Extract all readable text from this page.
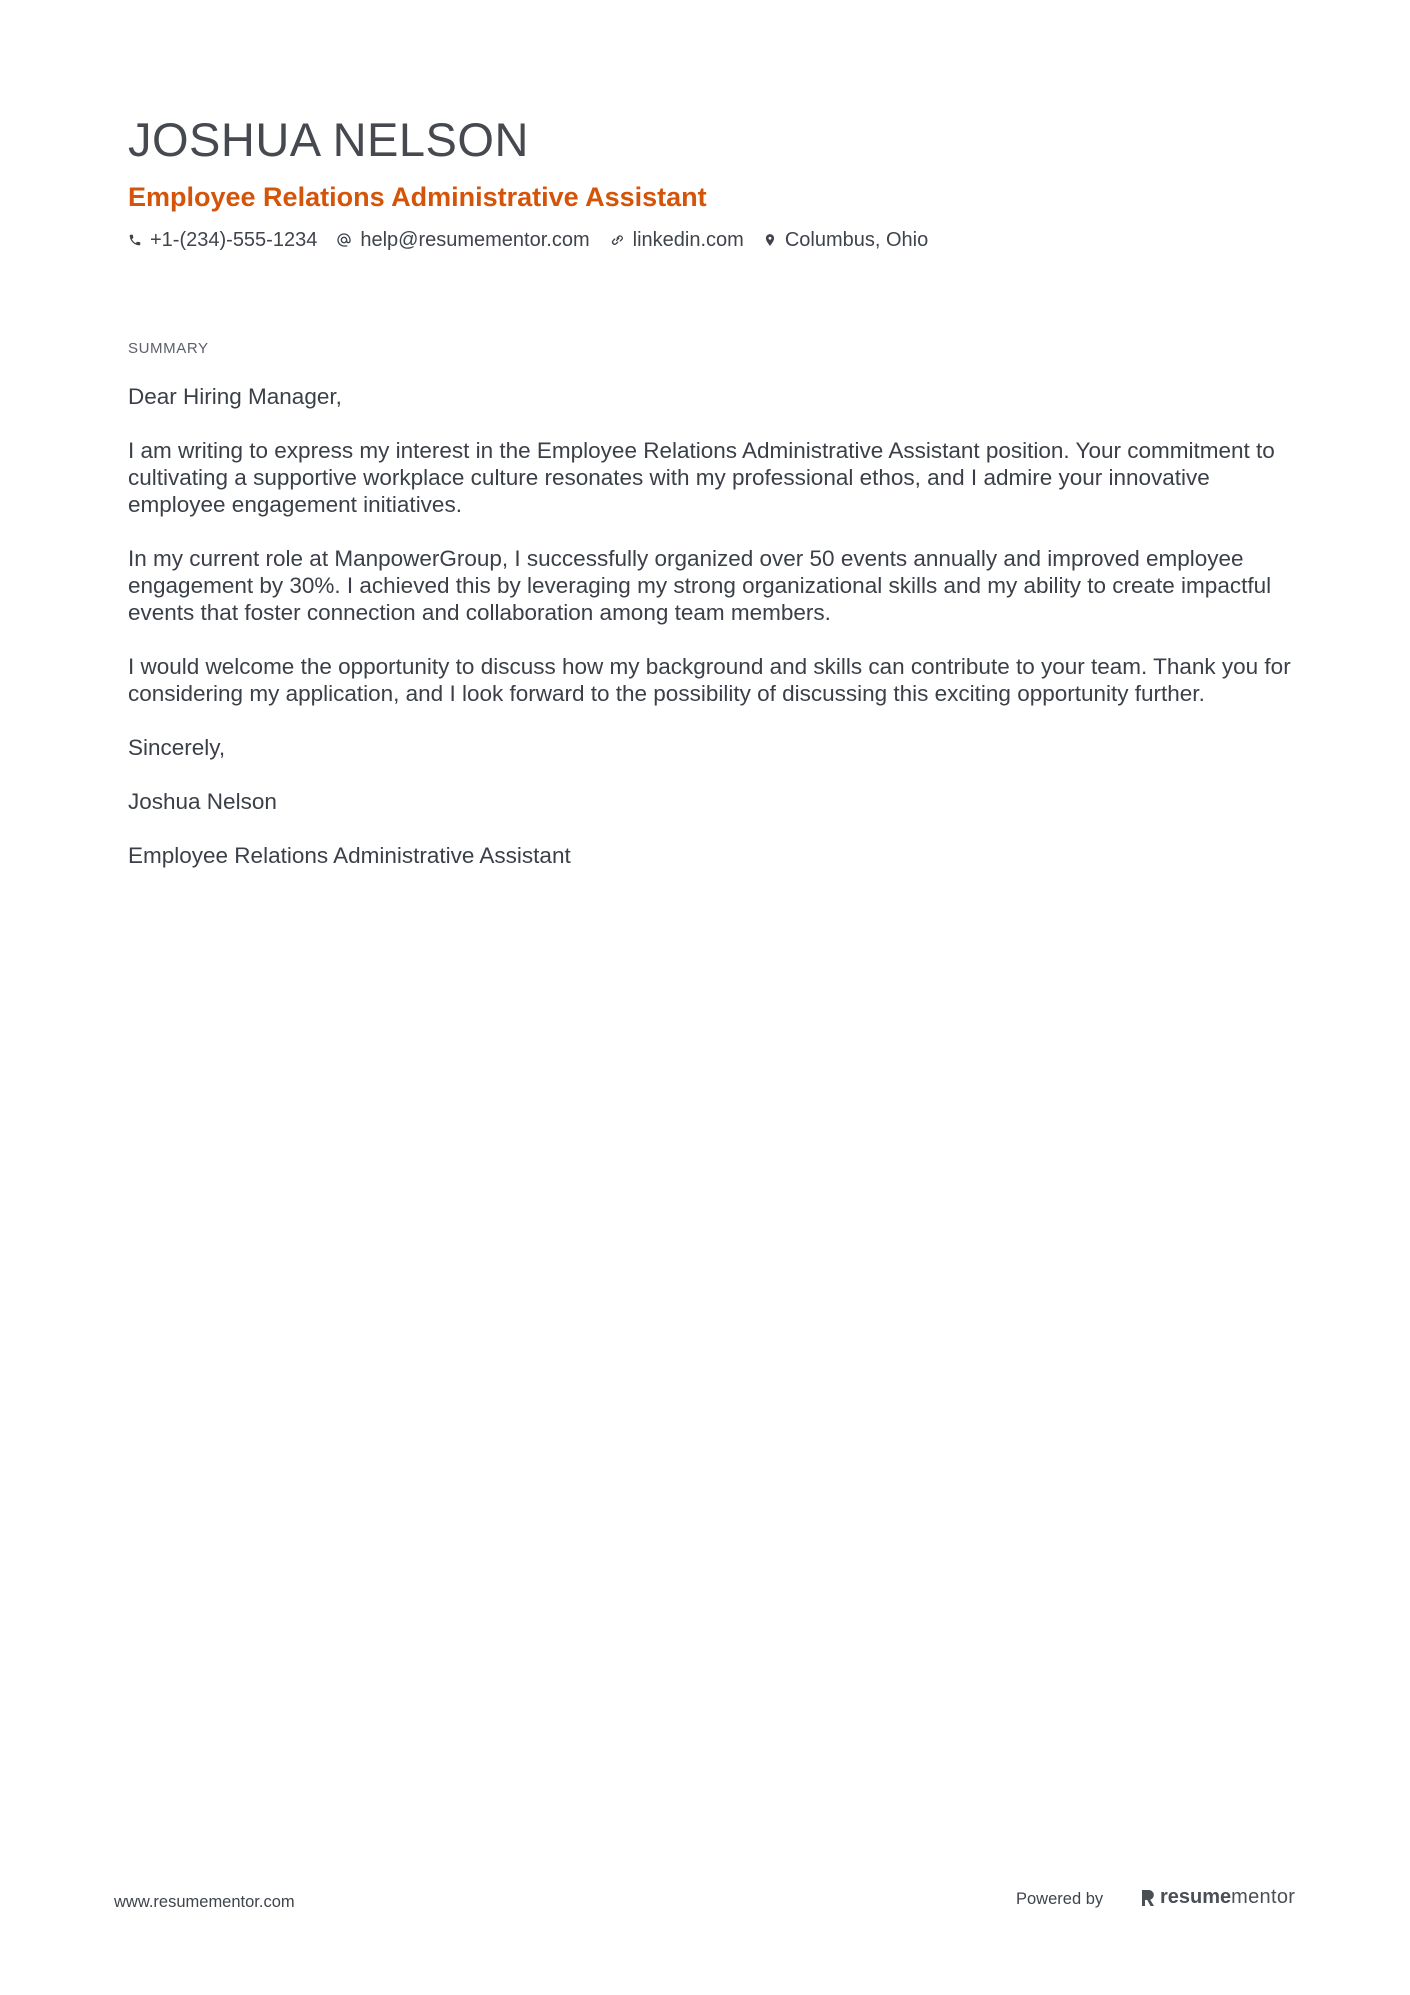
JOSHUA NELSON
Employee Relations Administrative Assistant
+1-(234)-555-1234 help@resumementor.com linkedin.com Columbus, Ohio
SUMMARY

Dear Hiring Manager,

I am writing to express my interest in the Employee Relations Administrative Assistant position. Your commitment to cultivating a supportive workplace culture resonates with my professional ethos, and I admire your innovative employee engagement initiatives.

In my current role at ManpowerGroup, I successfully organized over 50 events annually and improved employee engagement by 30%. I achieved this by leveraging my strong organizational skills and my ability to create impactful events that foster connection and collaboration among team members.

I would welcome the opportunity to discuss how my background and skills can contribute to your team. Thank you for considering my application, and I look forward to the possibility of discussing this exciting opportunity further.

Sincerely,

Joshua Nelson

Employee Relations Administrative Assistant

www.resumementor.com	Powered by	resume mentor
